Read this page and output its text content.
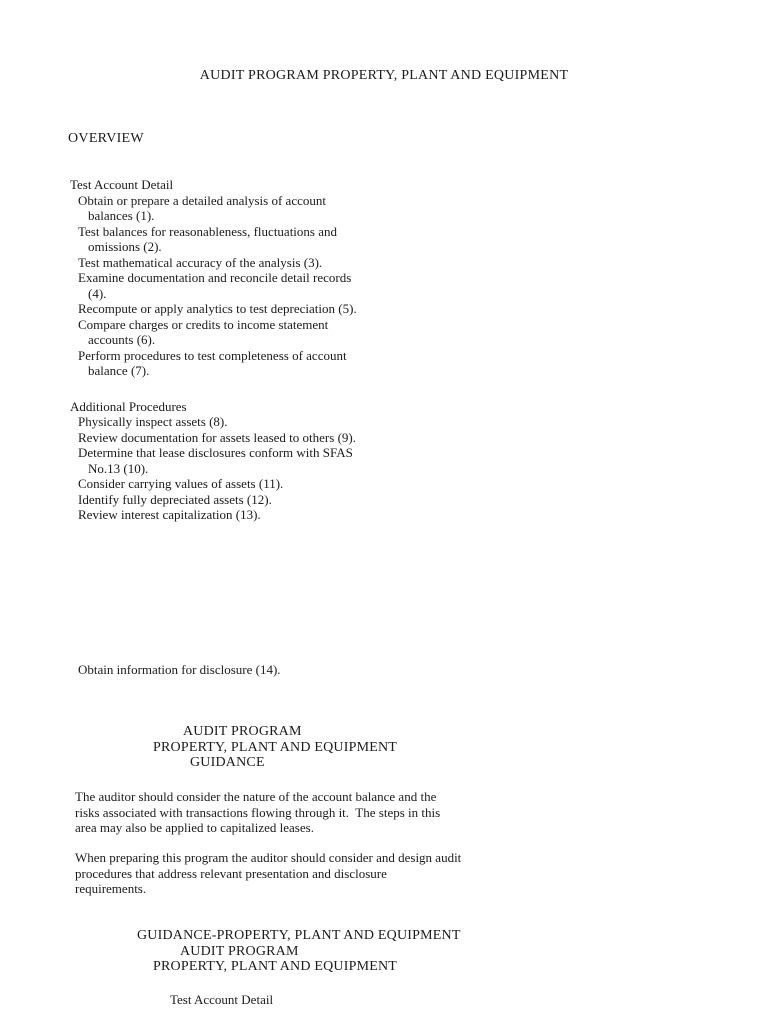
AUDIT PROGRAM PROPERTY, PLANT AND EQUIPMENT
OVERVIEW
Test Account Detail
Obtain or prepare a detailed analysis of account
balances (1).
Test balances for reasonableness, fluctuations and
omissions (2).
Test mathematical accuracy of the analysis (3).
Examine documentation and reconcile detail records
(4).
Recompute or apply analytics to test depreciation (5).
Compare charges or credits to income statement
accounts (6).
Perform procedures to test completeness of account
balance (7).
Additional Procedures
Physically inspect assets (8).
Review documentation for assets leased to others (9).
Determine that lease disclosures conform with SFAS
No.13 (10).
Consider carrying values of assets (11).
Identify fully depreciated assets (12).
Review interest capitalization (13).
Obtain information for disclosure (14).
AUDIT PROGRAM
PROPERTY, PLANT AND EQUIPMENT
GUIDANCE
The auditor should consider the nature of the account balance and the
risks associated with transactions flowing through it.  The steps in this
area may also be applied to capitalized leases.
When preparing this program the auditor should consider and design audit
procedures that address relevant presentation and disclosure
requirements.
GUIDANCE-PROPERTY, PLANT AND EQUIPMENT
AUDIT PROGRAM
PROPERTY, PLANT AND EQUIPMENT
Test Account Detail
